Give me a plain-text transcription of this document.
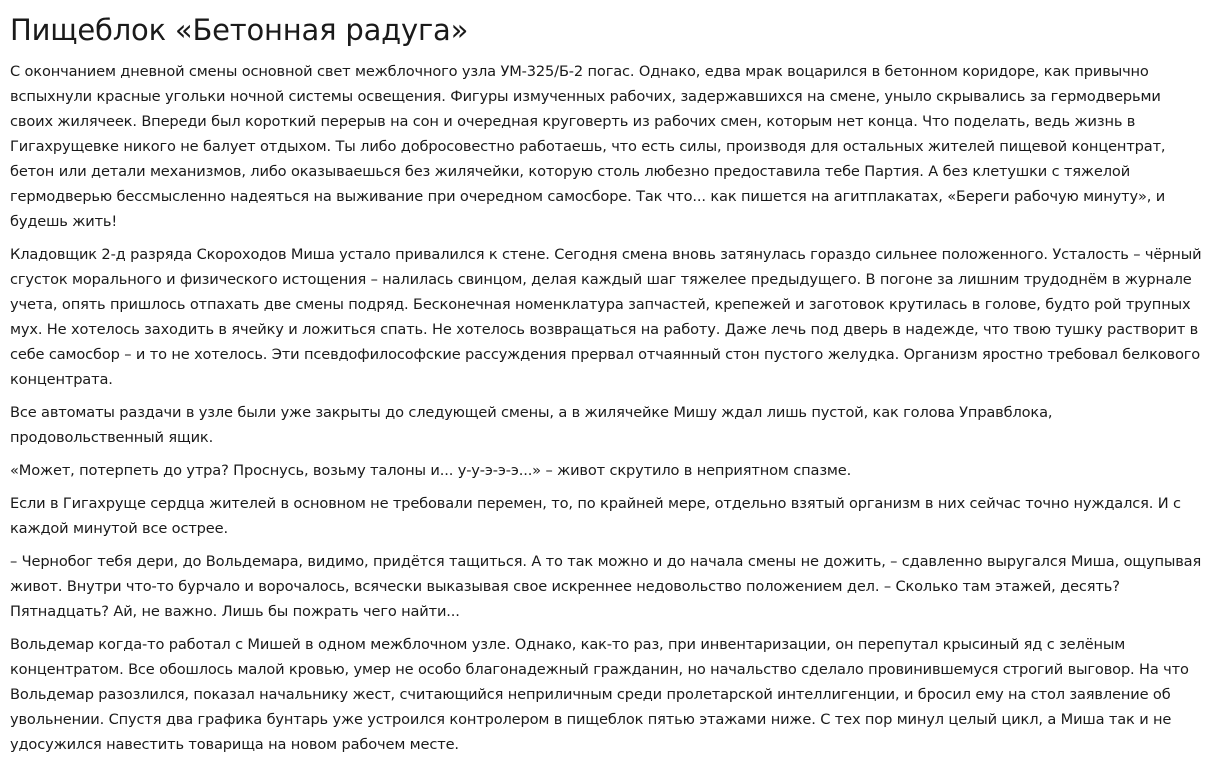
Пищеблок «Бетонная радуга»

С окончанием дневной смены основной свет межблочного узла УМ-325/Б-2 погас. Однако, едва мрак воцарился в бетонном коридоре, как привычно вспыхнули красные угольки ночной системы освещения. Фигуры измученных рабочих, задержавшихся на смене, уныло скрывались за гермодверьми своих жилячеек. Впереди был короткий перерыв на сон и очередная круговерть из рабочих смен, которым нет конца. Что поделать, ведь жизнь в Гигахрущевке никого не балует отдыхом. Ты либо добросовестно работаешь, что есть силы, производя для остальных жителей пищевой концентрат, бетон или детали механизмов, либо оказываешься без жилячейки, которую столь любезно предоставила тебе Партия. А без клетушки с тяжелой гермодверью бессмысленно надеяться на выживание при очередном самосборе. Так что... как пишется на агитплакатах, «Береги рабочую минуту», и будешь жить!

Кладовщик 2-д разряда Скороходов Миша устало привалился к стене. Сегодня смена вновь затянулась гораздо сильнее положенного. Усталость – чёрный сгусток морального и физического истощения – налилась свинцом, делая каждый шаг тяжелее предыдущего. В погоне за лишним трудоднём в журнале учета, опять пришлось отпахать две смены подряд. Бесконечная номенклатура запчастей, крепежей и заготовок крутилась в голове, будто рой трупных мух. Не хотелось заходить в ячейку и ложиться спать. Не хотелось возвращаться на работу. Даже лечь под дверь в надежде, что твою тушку растворит в себе самосбор – и то не хотелось. Эти псевдофилософские рассуждения прервал отчаянный стон пустого желудка. Организм яростно требовал белкового концентрата.

Все автоматы раздачи в узле были уже закрыты до следующей смены, а в жилячейке Мишу ждал лишь пустой, как голова Управблока, продовольственный ящик.

«Может, потерпеть до утра? Проснусь, возьму талоны и... у-у-э-э-э...» – живот скрутило в неприятном спазме.

Если в Гигахруще сердца жителей в основном не требовали перемен, то, по крайней мере, отдельно взятый организм в них сейчас точно нуждался. И с каждой минутой все острее.

– Чернобог тебя дери, до Вольдемара, видимо, придётся тащиться. А то так можно и до начала смены не дожить, – сдавленно выругался Миша, ощупывая живот. Внутри что-то бурчало и ворочалось, всячески выказывая свое искреннее недовольство положением дел. – Сколько там этажей, десять? Пятнадцать? Ай, не важно. Лишь бы пожрать чего найти...

Вольдемар когда-то работал с Мишей в одном межблочном узле. Однако, как-то раз, при инвентаризации, он перепутал крысиный яд с зелёным концентратом. Все обошлось малой кровью, умер не особо благонадежный гражданин, но начальство сделало провинившемуся строгий выговор. На что Вольдемар разозлился, показал начальнику жест, считающийся неприличным среди пролетарской интеллигенции, и бросил ему на стол заявление об увольнении. Спустя два графика бунтарь уже устроился контролером в пищеблок пятью этажами ниже. С тех пор минул целый цикл, а Миша так и не удосужился навестить товарища на новом рабочем месте.
